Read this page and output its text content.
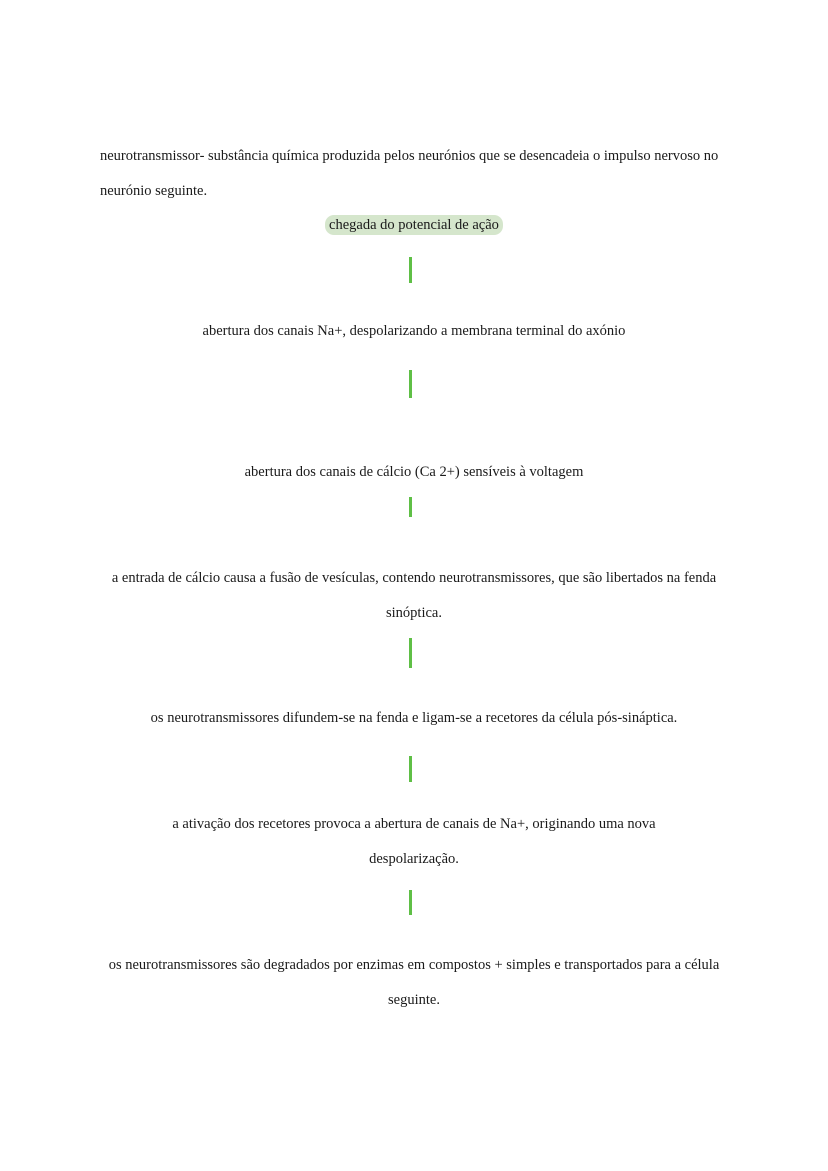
neurotransmissor- substância química produzida pelos neurónios que se desencadeia o impulso nervoso no neurónio seguinte.

chegada do potencial de ação

abertura dos canais Na+, despolarizando a membrana terminal do axónio

abertura dos canais de cálcio (Ca 2+) sensíveis à voltagem

a entrada de cálcio causa a fusão de vesículas, contendo neurotransmissores, que são libertados na fenda sinóptica.

os neurotransmissores difundem-se na fenda e ligam-se a recetores da célula pós-sináptica.

a ativação dos recetores provoca a abertura de canais de Na+, originando uma nova despolarização.

os neurotransmissores são degradados por enzimas em compostos + simples e transportados para a célula seguinte.
